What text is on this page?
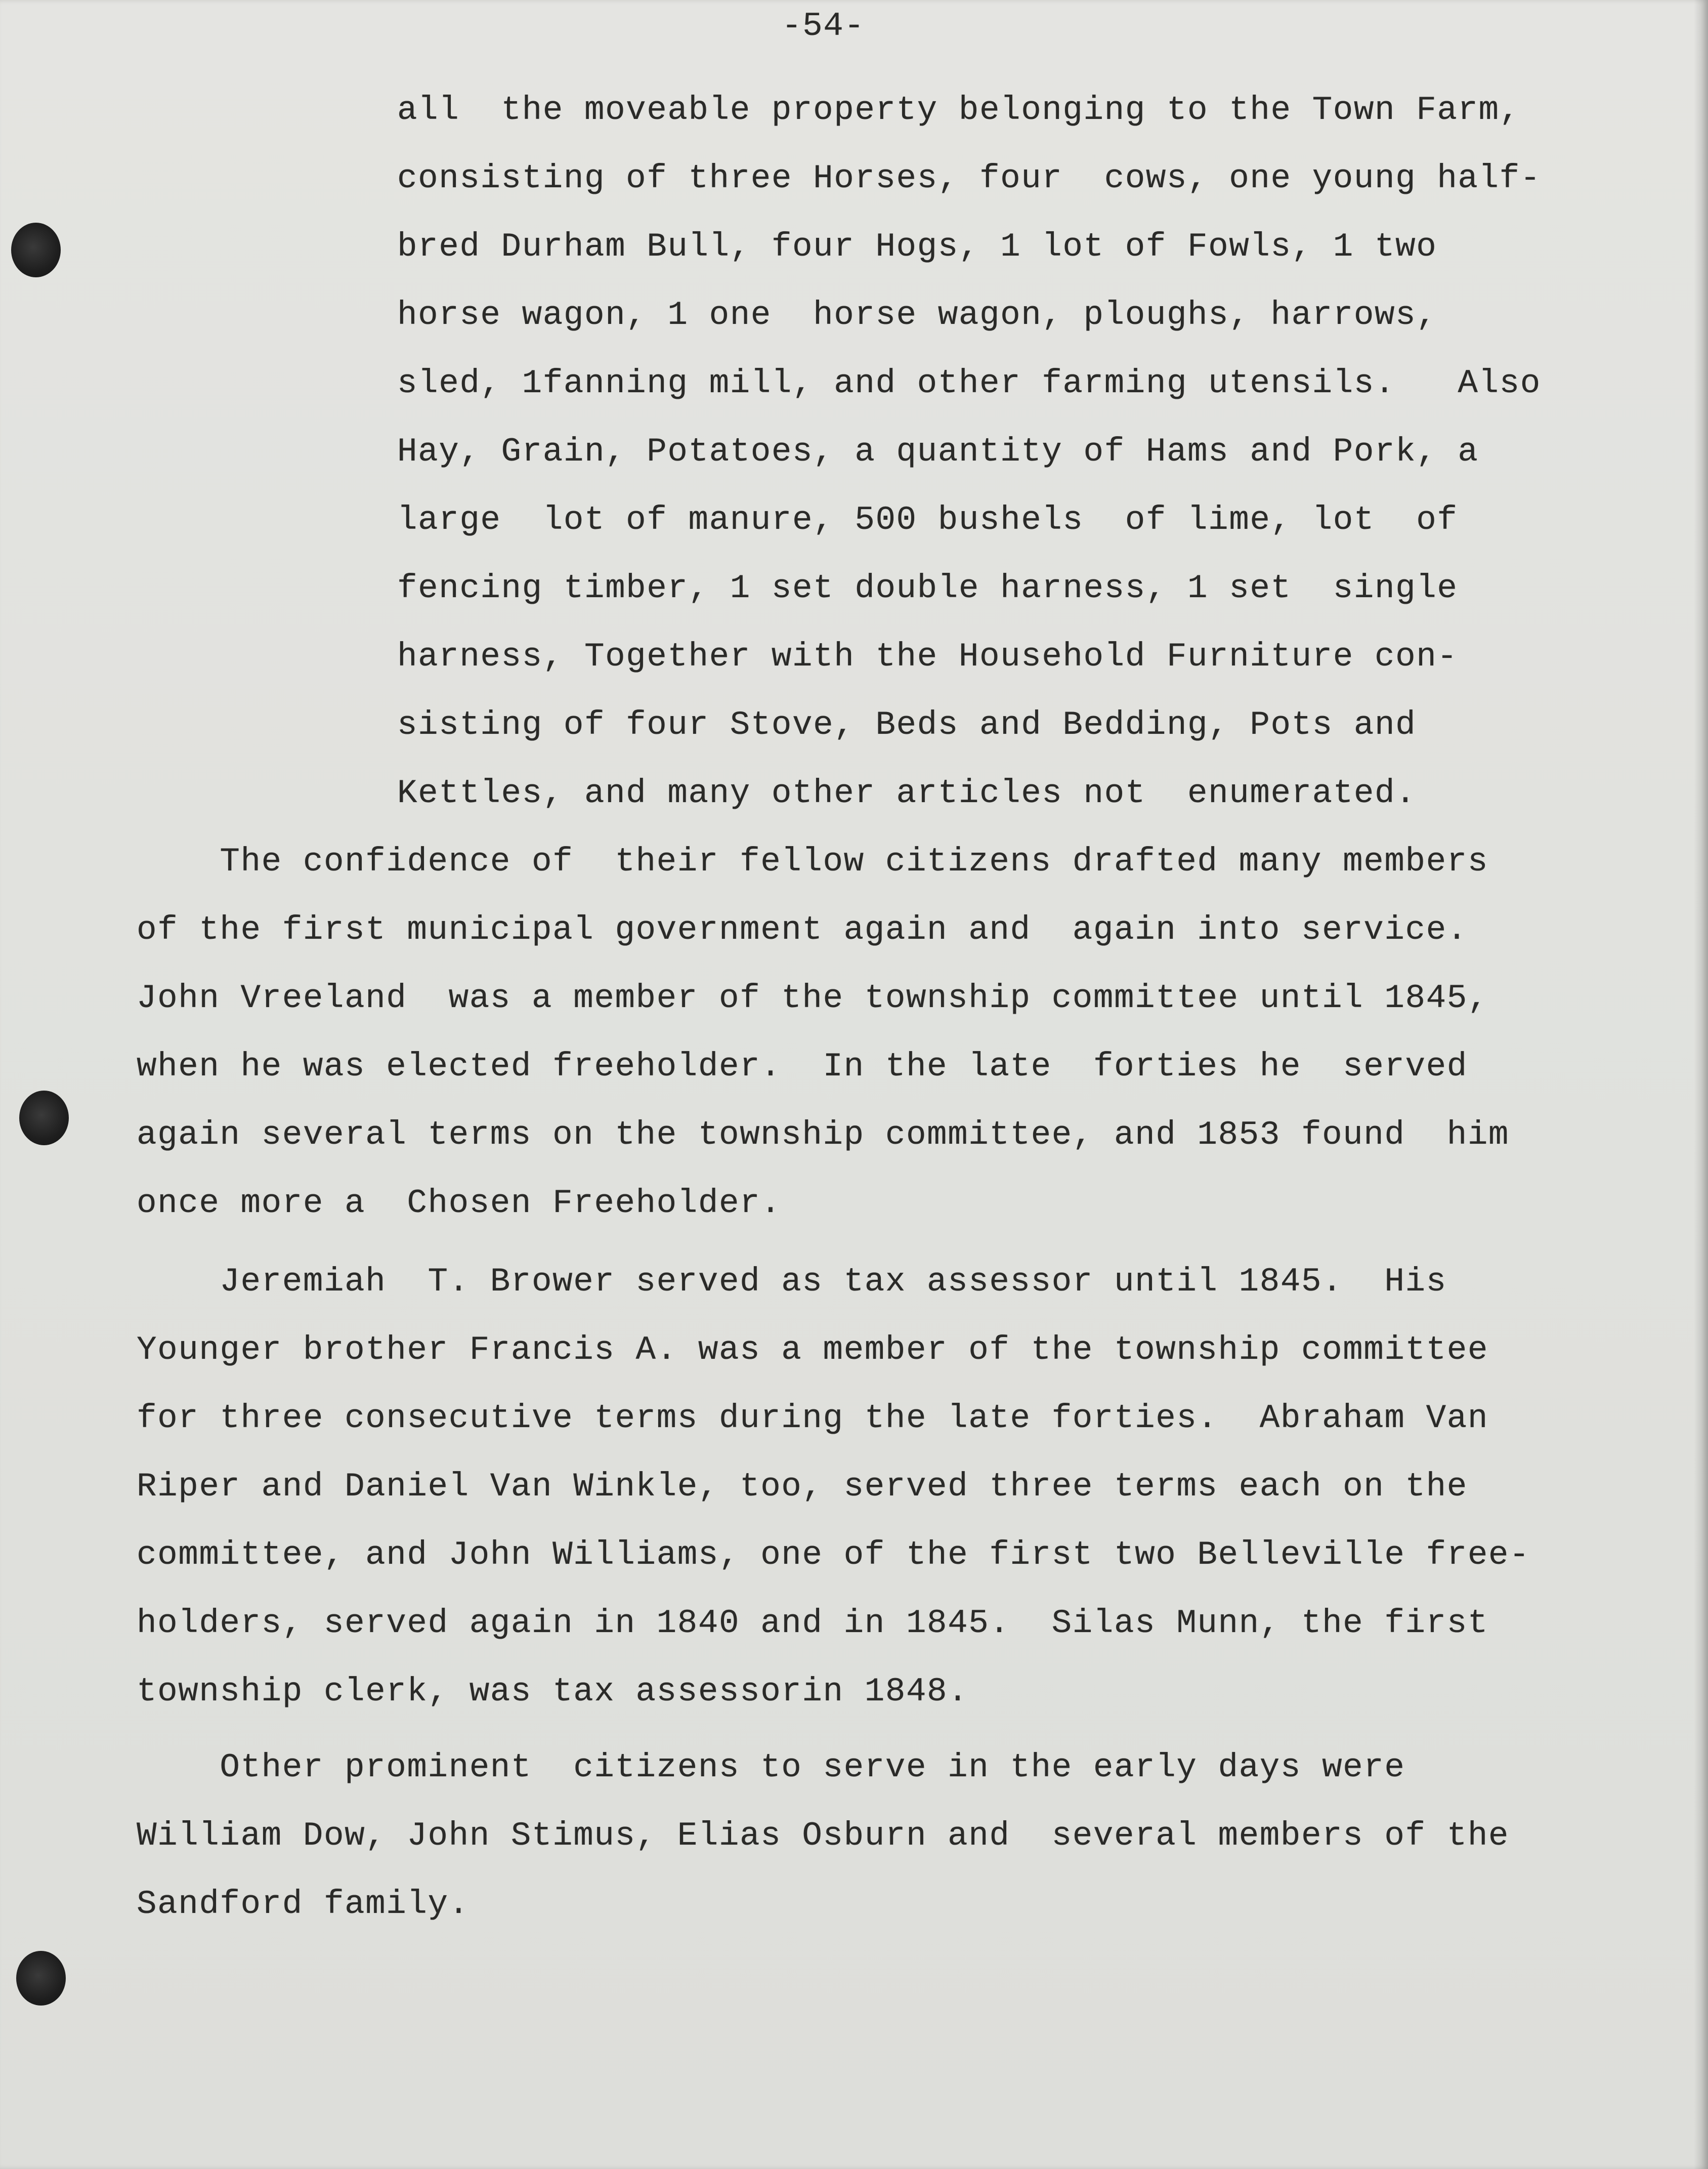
-54-
all  the moveable property belonging to the Town Farm,
consisting of three Horses, four  cows, one young half-
bred Durham Bull, four Hogs, 1 lot of Fowls, 1 two
horse wagon, 1 one  horse wagon, ploughs, harrows,
sled, 1fanning mill, and other farming utensils.   Also
Hay, Grain, Potatoes, a quantity of Hams and Pork, a
large  lot of manure, 500 bushels  of lime, lot  of
fencing timber, 1 set double harness, 1 set  single
harness, Together with the Household Furniture con-
sisting of four Stove, Beds and Bedding, Pots and
Kettles, and many other articles not  enumerated.
The confidence of  their fellow citizens drafted many members
of the first municipal government again and  again into service.
John Vreeland  was a member of the township committee until 1845,
when he was elected freeholder.  In the late  forties he  served
again several terms on the township committee, and 1853 found  him
once more a  Chosen Freeholder.
Jeremiah  T. Brower served as tax assessor until 1845.  His
Younger brother Francis A. was a member of the township committee
for three consecutive terms during the late forties.  Abraham Van
Riper and Daniel Van Winkle, too, served three terms each on the
committee, and John Williams, one of the first two Belleville free-
holders, served again in 1840 and in 1845.  Silas Munn, the first
township clerk, was tax assessorin 1848.
Other prominent  citizens to serve in the early days were
William Dow, John Stimus, Elias Osburn and  several members of the
Sandford family.
